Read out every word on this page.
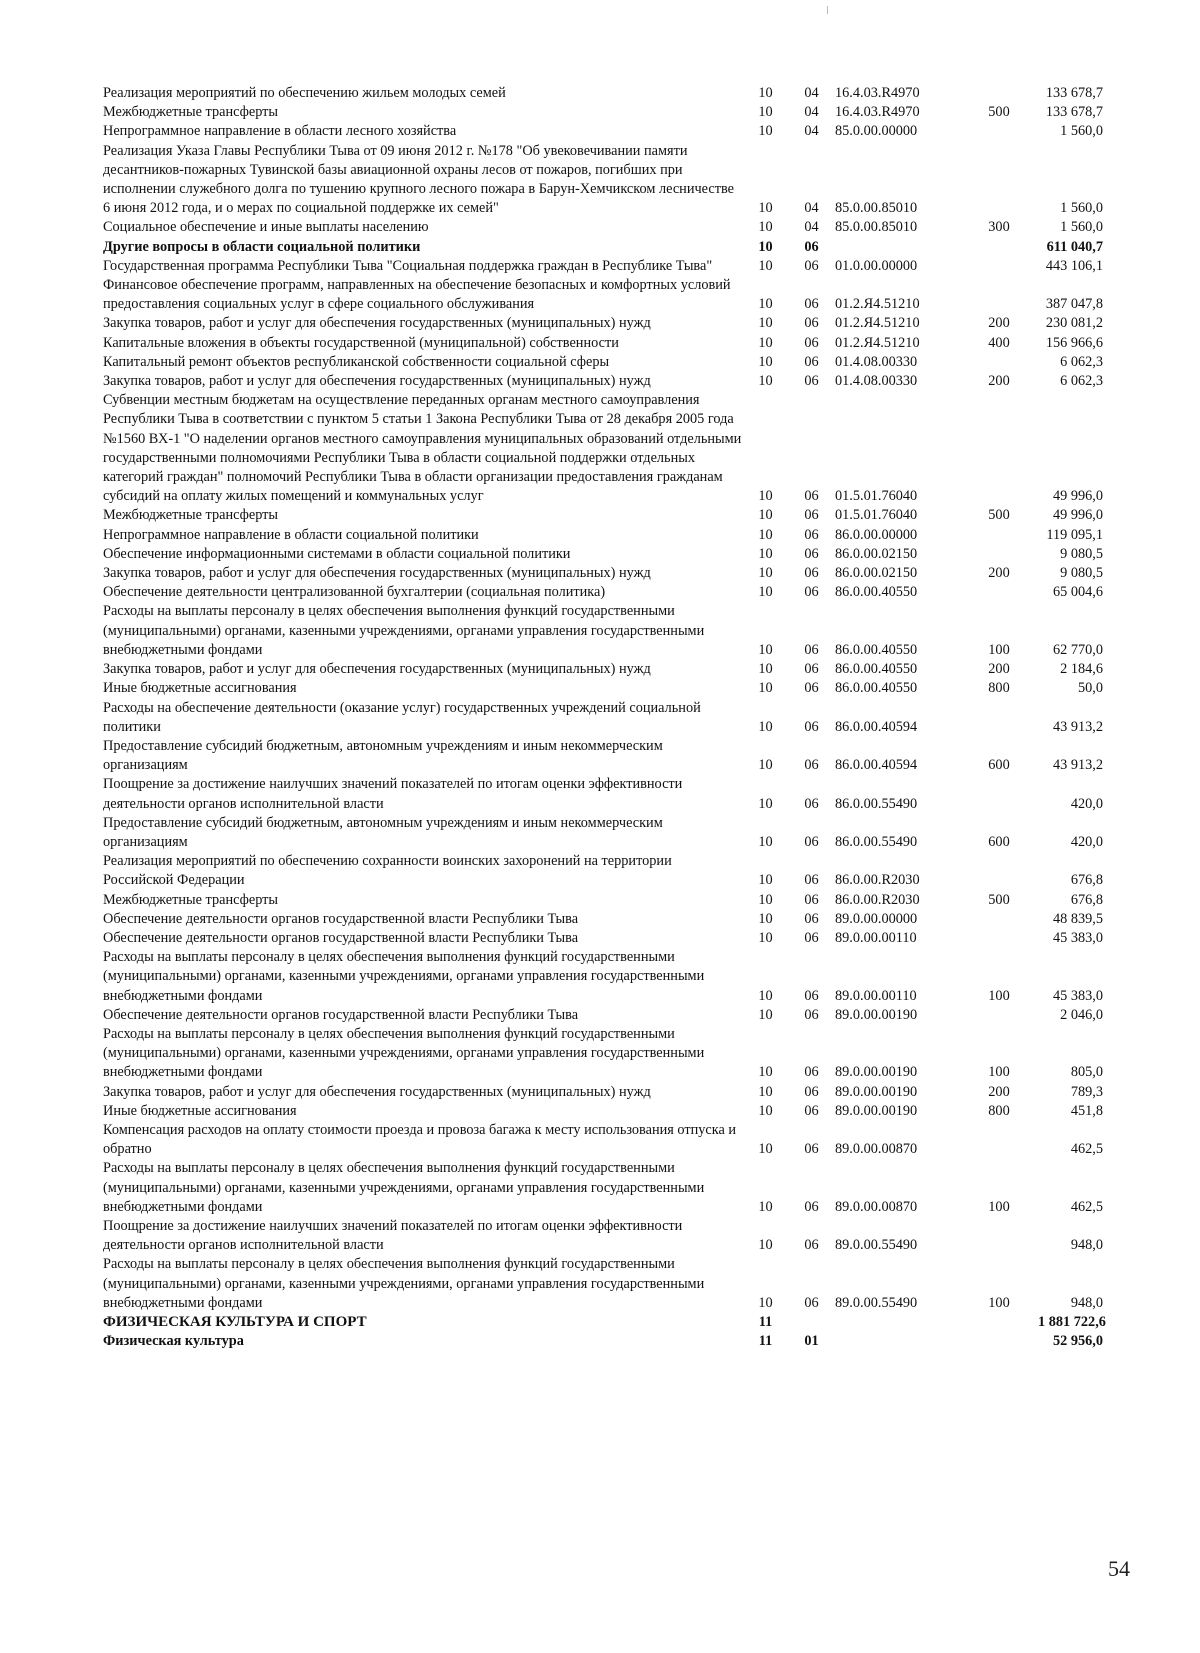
Реализация мероприятий по обеспечению жильем молодых семей	10	04	16.4.03.R4970		133 678,7
Межбюджетные трансферты	10	04	16.4.03.R4970	500	133 678,7
Непрограммное направление в области лесного хозяйства	10	04	85.0.00.00000		1 560,0
Реализация Указа Главы Республики Тыва от 09 июня 2012 г. №178 "Об увековечивании памяти десантников-пожарных Тувинской базы авиационной охраны лесов от пожаров, погибших при исполнении служебного долга по тушению крупного лесного пожара в Барун-Хемчикском лесничестве 6 июня 2012 года, и о мерах по социальной поддержке их семей"	10	04	85.0.00.85010		1 560,0
Социальное обеспечение и иные выплаты населению	10	04	85.0.00.85010	300	1 560,0
Другие вопросы в области социальной политики	10	06			611 040,7
Государственная программа Республики Тыва "Социальная поддержка граждан в Республике Тыва"	10	06	01.0.00.00000		443 106,1
Финансовое обеспечение программ, направленных на обеспечение безопасных и комфортных условий предоставления социальных услуг в сфере социального обслуживания	10	06	01.2.Я4.51210		387 047,8
Закупка товаров, работ и услуг для обеспечения государственных (муниципальных) нужд	10	06	01.2.Я4.51210	200	230 081,2
Капитальные вложения в объекты государственной (муниципальной) собственности	10	06	01.2.Я4.51210	400	156 966,6
Капитальный ремонт объектов республиканской собственности социальной сферы	10	06	01.4.08.00330		6 062,3
Закупка товаров, работ и услуг для обеспечения государственных (муниципальных) нужд	10	06	01.4.08.00330	200	6 062,3
Субвенции местным бюджетам на осуществление переданных органам местного самоуправления Республики Тыва в соответствии с пунктом 5 статьи 1 Закона Республики Тыва от 28 декабря 2005 года №1560 ВХ-1 "О наделении органов местного самоуправления муниципальных образований отдельными государственными полномочиями Республики Тыва в области социальной поддержки отдельных категорий граждан" полномочий Республики Тыва в области организации предоставления гражданам субсидий на оплату жилых помещений и коммунальных услуг	10	06	01.5.01.76040		49 996,0
Межбюджетные трансферты	10	06	01.5.01.76040	500	49 996,0
Непрограммное направление в области социальной политики	10	06	86.0.00.00000		119 095,1
Обеспечение информационными системами в области социальной политики	10	06	86.0.00.02150		9 080,5
Закупка товаров, работ и услуг для обеспечения государственных (муниципальных) нужд	10	06	86.0.00.02150	200	9 080,5
Обеспечение деятельности централизованной бухгалтерии (социальная политика)	10	06	86.0.00.40550		65 004,6
Расходы на выплаты персоналу в целях обеспечения выполнения функций государственными (муниципальными) органами, казенными учреждениями, органами управления государственными внебюджетными фондами	10	06	86.0.00.40550	100	62 770,0
Закупка товаров, работ и услуг для обеспечения государственных (муниципальных) нужд	10	06	86.0.00.40550	200	2 184,6
Иные бюджетные ассигнования	10	06	86.0.00.40550	800	50,0
Расходы на обеспечение деятельности (оказание услуг) государственных учреждений социальной политики	10	06	86.0.00.40594		43 913,2
Предоставление субсидий бюджетным, автономным учреждениям и иным некоммерческим организациям	10	06	86.0.00.40594	600	43 913,2
Поощрение за достижение наилучших значений показателей по итогам оценки эффективности деятельности органов исполнительной власти	10	06	86.0.00.55490		420,0
Предоставление субсидий бюджетным, автономным учреждениям и иным некоммерческим организациям	10	06	86.0.00.55490	600	420,0
Реализация мероприятий по обеспечению сохранности воинских захоронений на территории Российской Федерации	10	06	86.0.00.R2030		676,8
Межбюджетные трансферты	10	06	86.0.00.R2030	500	676,8
Обеспечение деятельности органов государственной власти Республики Тыва	10	06	89.0.00.00000		48 839,5
Обеспечение деятельности органов государственной власти Республики Тыва	10	06	89.0.00.00110		45 383,0
Расходы на выплаты персоналу в целях обеспечения выполнения функций государственными (муниципальными) органами, казенными учреждениями, органами управления государственными внебюджетными фондами	10	06	89.0.00.00110	100	45 383,0
Обеспечение деятельности органов государственной власти Республики Тыва	10	06	89.0.00.00190		2 046,0
Расходы на выплаты персоналу в целях обеспечения выполнения функций государственными (муниципальными) органами, казенными учреждениями, органами управления государственными внебюджетными фондами	10	06	89.0.00.00190	100	805,0
Закупка товаров, работ и услуг для обеспечения государственных (муниципальных) нужд	10	06	89.0.00.00190	200	789,3
Иные бюджетные ассигнования	10	06	89.0.00.00190	800	451,8
Компенсация расходов на оплату стоимости проезда и провоза багажа к месту использования отпуска и обратно	10	06	89.0.00.00870		462,5
Расходы на выплаты персоналу в целях обеспечения выполнения функций государственными (муниципальными) органами, казенными учреждениями, органами управления государственными внебюджетными фондами	10	06	89.0.00.00870	100	462,5
Поощрение за достижение наилучших значений показателей по итогам оценки эффективности деятельности органов исполнительной власти	10	06	89.0.00.55490		948,0
Расходы на выплаты персоналу в целях обеспечения выполнения функций государственными (муниципальными) органами, казенными учреждениями, органами управления государственными внебюджетными фондами	10	06	89.0.00.55490	100	948,0
ФИЗИЧЕСКАЯ КУЛЬТУРА И СПОРТ	11				1 881 722,6
Физическая культура	11	01			52 956,0
54
